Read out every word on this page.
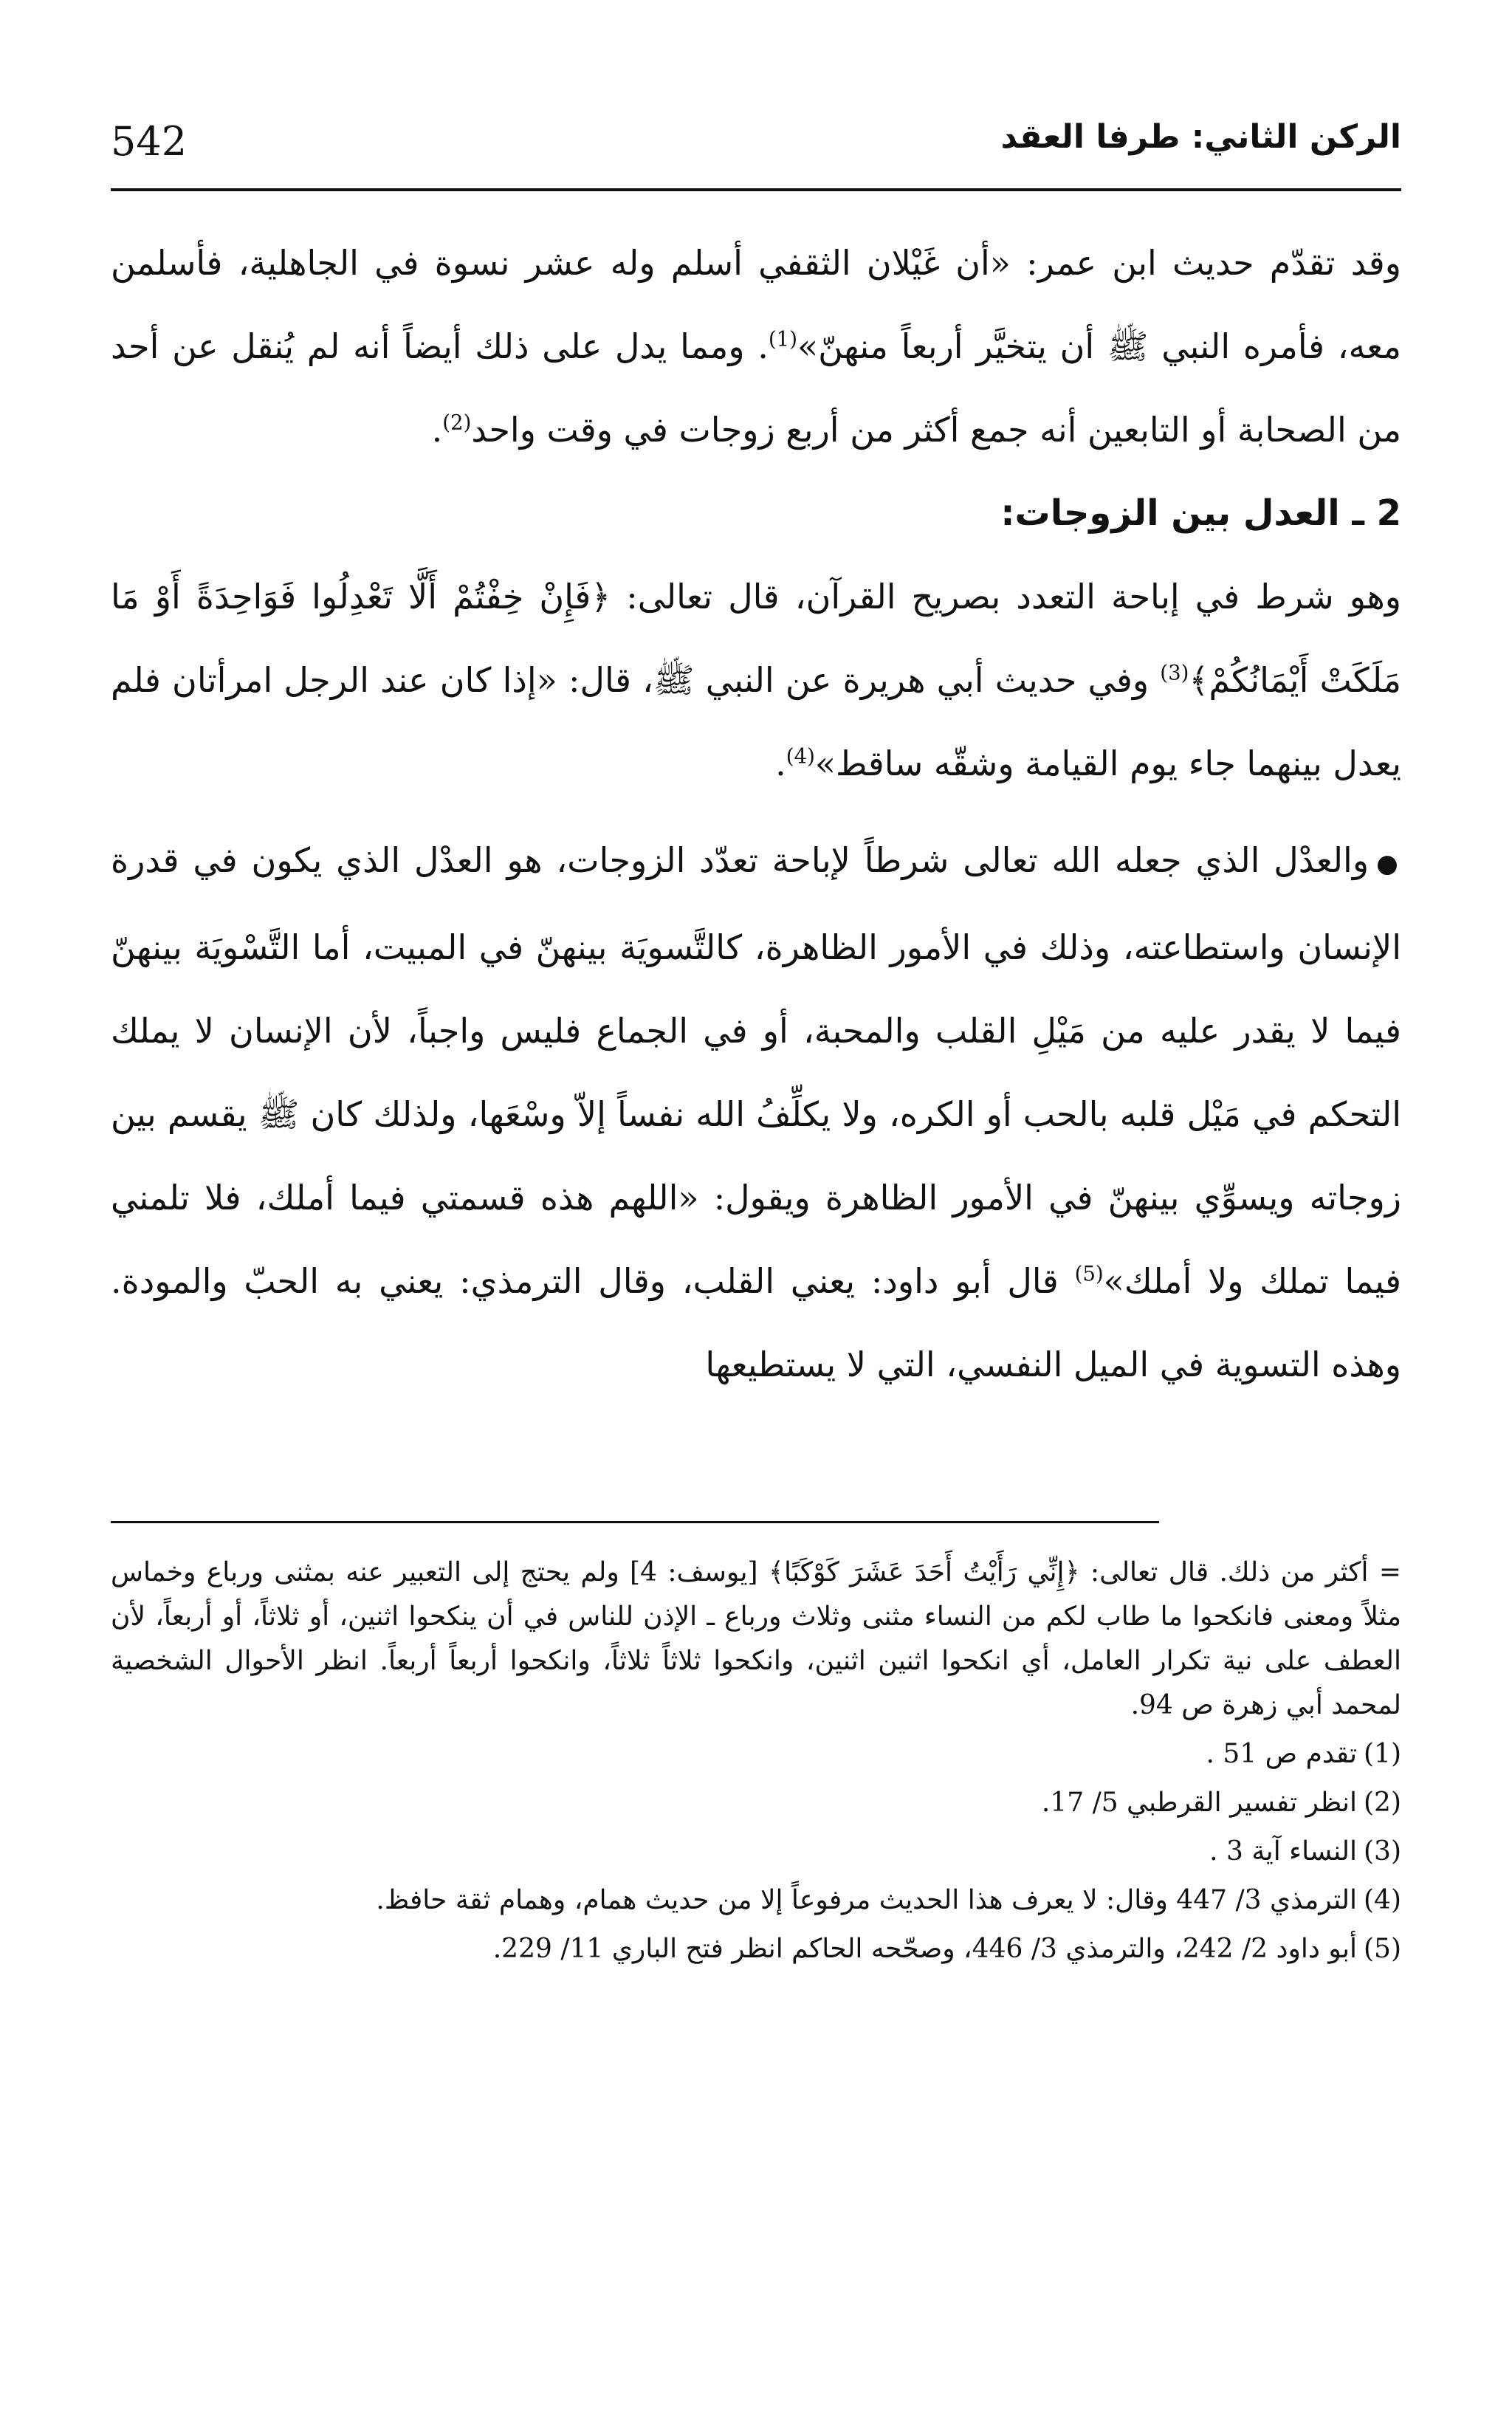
542	الركن الثاني: طرفا العقد

وقد تقدّم حديث ابن عمر: «أن غَيْلان الثقفي أسلم وله عشر نسوة في الجاهلية، فأسلمن معه، فأمره النبي ﷺ أن يتخيَّر أربعاً منهنّ»$^{(1)}$. ومما يدل على ذلك أيضاً أنه لم يُنقل عن أحد من الصحابة أو التابعين أنه جمع أكثر من أربع زوجات في وقت واحد$^{(2)}$.

2 ـ العدل بين الزوجات:

وهو شرط في إباحة التعدد بصريح القرآن، قال تعالى: ﴿فَإِنْ خِفْتُمْ أَلَّا تَعْدِلُوا فَوَاحِدَةً أَوْ مَا مَلَكَتْ أَيْمَانُكُمْ﴾$^{(3)}$ وفي حديث أبي هريرة عن النبي ﷺ، قال: «إذا كان عند الرجل امرأتان فلم يعدل بينهما جاء يوم القيامة وشقّه ساقط»$^{(4)}$.

●والعدْل الذي جعله الله تعالى شرطاً لإباحة تعدّد الزوجات، هو العدْل الذي يكون في قدرة الإنسان واستطاعته، وذلك في الأمور الظاهرة، كالتَّسويَة بينهنّ في المبيت، أما التَّسْويَة بينهنّ فيما لا يقدر عليه من مَيْلِ القلب والمحبة، أو في الجماع فليس واجباً، لأن الإنسان لا يملك التحكم في مَيْل قلبه بالحب أو الكره، ولا يكلِّفُ الله نفساً إلاّ وسْعَها، ولذلك كان ﷺ يقسم بين زوجاته ويسوِّي بينهنّ في الأمور الظاهرة ويقول: «اللهم هذه قسمتي فيما أملك، فلا تلمني فيما تملك ولا أملك»$^{(5)}$ قال أبو داود: يعني القلب، وقال الترمذي: يعني به الحبّ والمودة. وهذه التسوية في الميل النفسي، التي لا يستطيعها

= أكثر من ذلك. قال تعالى: ﴿إِنِّي رَأَيْتُ أَحَدَ عَشَرَ كَوْكَبًا﴾ [يوسف: 4] ولم يحتج إلى التعبير عنه بمثنى ورباع وخماس مثلاً ومعنى فانكحوا ما طاب لكم من النساء مثنى وثلاث ورباع ـ الإذن للناس في أن ينكحوا اثنين، أو ثلاثاً، أو أربعاً، لأن العطف على نية تكرار العامل، أي انكحوا اثنين اثنين، وانكحوا ثلاثاً ثلاثاً، وانكحوا أربعاً أربعاً. انظر الأحوال الشخصية لمحمد أبي زهرة ص 94.

(1)
تقدم ص 51 .
(2)
انظر تفسير القرطبي 5/ 17.
(3)
النساء آية 3 .
(4)
الترمذي 3/ 447 وقال: لا يعرف هذا الحديث مرفوعاً إلا من حديث همام، وهمام ثقة حافظ.
(5)
أبو داود 2/ 242، والترمذي 3/ 446، وصحّحه الحاكم انظر فتح الباري 11/ 229.
